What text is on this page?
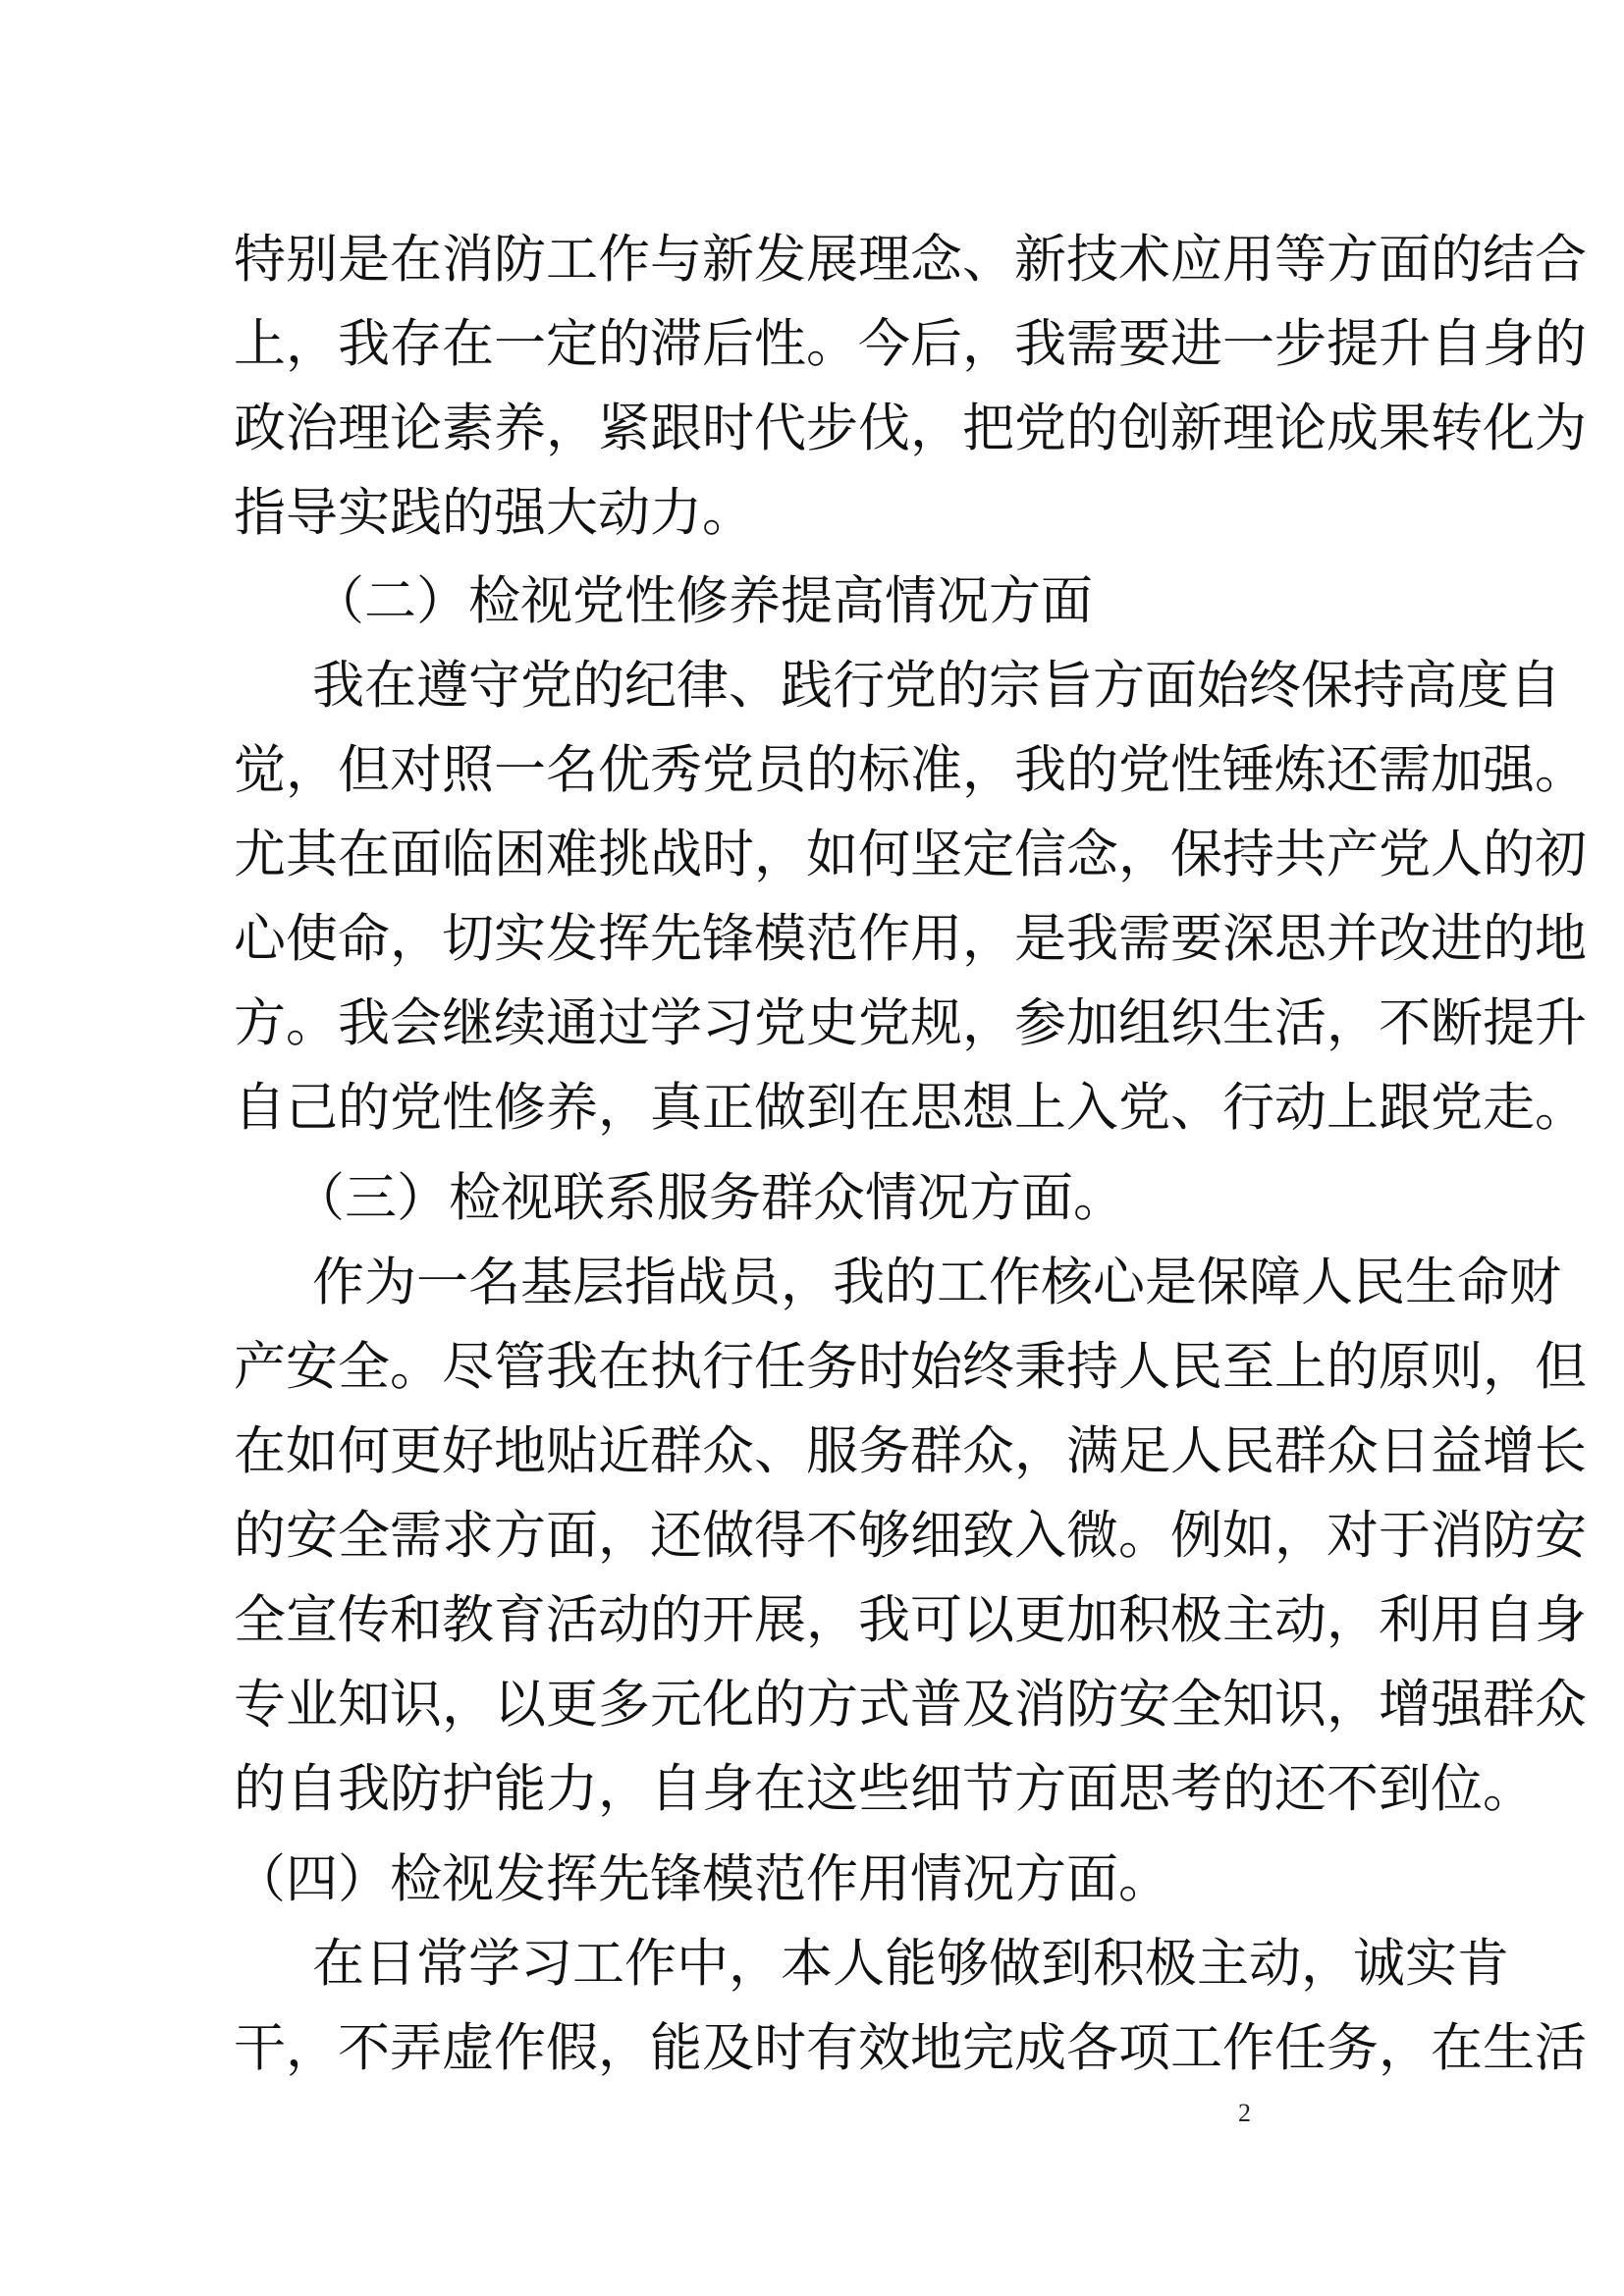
特别是在消防工作与新发展理念、新技术应用等方面的结合
上，我存在一定的滞后性。今后，我需要进一步提升自身的
政治理论素养，紧跟时代步伐，把党的创新理论成果转化为
指导实践的强大动力。
（二）检视党性修养提高情况方面
我在遵守党的纪律、践行党的宗旨方面始终保持高度自
觉，但对照一名优秀党员的标准，我的党性锤炼还需加强。
尤其在面临困难挑战时，如何坚定信念，保持共产党人的初
心使命，切实发挥先锋模范作用，是我需要深思并改进的地
方。我会继续通过学习党史党规，参加组织生活，不断提升
自己的党性修养，真正做到在思想上入党、行动上跟党走。
（三）检视联系服务群众情况方面。
作为一名基层指战员，我的工作核心是保障人民生命财
产安全。尽管我在执行任务时始终秉持人民至上的原则，但
在如何更好地贴近群众、服务群众，满足人民群众日益增长
的安全需求方面，还做得不够细致入微。例如，对于消防安
全宣传和教育活动的开展，我可以更加积极主动，利用自身
专业知识，以更多元化的方式普及消防安全知识，增强群众
的自我防护能力，自身在这些细节方面思考的还不到位。
（四）检视发挥先锋模范作用情况方面。
在日常学习工作中，本人能够做到积极主动，诚实肯
干，不弄虚作假，能及时有效地完成各项工作任务，在生活
2
